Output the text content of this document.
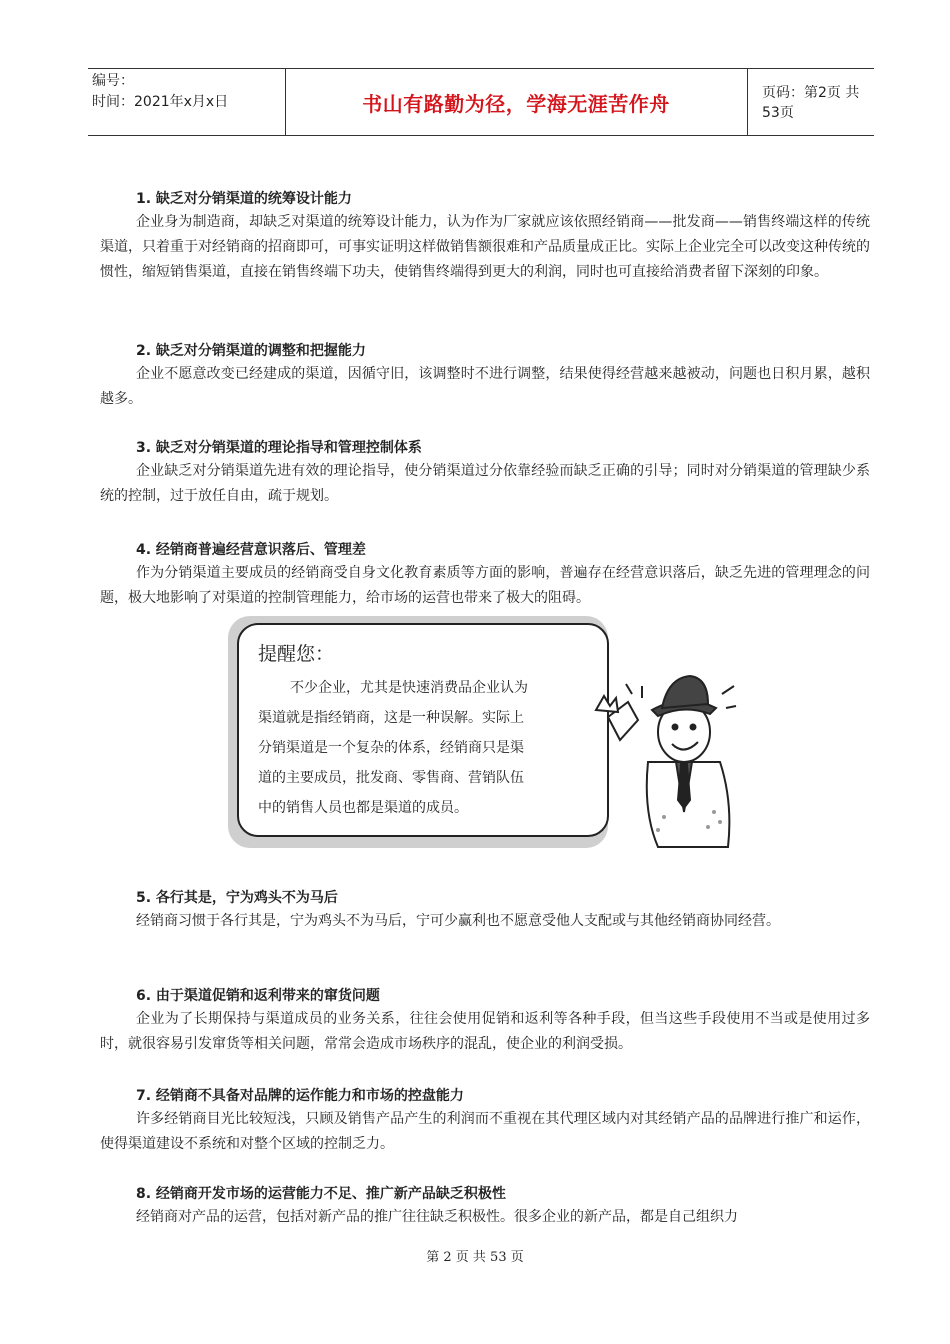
编号：
时间：2021年x月x日	书山有路勤为径，学海无涯苦作舟	页码：第2页 共53页
1. 缺乏对分销渠道的统筹设计能力

企业身为制造商，却缺乏对渠道的统筹设计能力，认为作为厂家就应该依照经销商——批发商——销售终端这样的传统渠道，只着重于对经销商的招商即可，可事实证明这样做销售额很难和产品质量成正比。实际上企业完全可以改变这种传统的惯性，缩短销售渠道，直接在销售终端下功夫，使销售终端得到更大的利润，同时也可直接给消费者留下深刻的印象。

2. 缺乏对分销渠道的调整和把握能力

企业不愿意改变已经建成的渠道，因循守旧，该调整时不进行调整，结果使得经营越来越被动，问题也日积月累，越积越多。

3. 缺乏对分销渠道的理论指导和管理控制体系

企业缺乏对分销渠道先进有效的理论指导，使分销渠道过分依靠经验而缺乏正确的引导；同时对分销渠道的管理缺少系统的控制，过于放任自由，疏于规划。

4. 经销商普遍经营意识落后、管理差

作为分销渠道主要成员的经销商受自身文化教育素质等方面的影响，普遍存在经营意识落后，缺乏先进的管理理念的问题，极大地影响了对渠道的控制管理能力，给市场的运营也带来了极大的阻碍。

提醒您：
不少企业，尤其是快速消费品企业认为
渠道就是指经销商，这是一种误解。实际上
分销渠道是一个复杂的体系，经销商只是渠
道的主要成员，批发商、零售商、营销队伍
中的销售人员也都是渠道的成员。
5. 各行其是，宁为鸡头不为马后

经销商习惯于各行其是，宁为鸡头不为马后，宁可少赢利也不愿意受他人支配或与其他经销商协同经营。

6. 由于渠道促销和返利带来的窜货问题

企业为了长期保持与渠道成员的业务关系，往往会使用促销和返利等各种手段，但当这些手段使用不当或是使用过多时，就很容易引发窜货等相关问题，常常会造成市场秩序的混乱，使企业的利润受损。

7. 经销商不具备对品牌的运作能力和市场的控盘能力

许多经销商目光比较短浅，只顾及销售产品产生的利润而不重视在其代理区域内对其经销产品的品牌进行推广和运作，使得渠道建设不系统和对整个区域的控制乏力。

8. 经销商开发市场的运营能力不足、推广新产品缺乏积极性

经销商对产品的运营，包括对新产品的推广往往缺乏积极性。很多企业的新产品，都是自己组织力

第 2 页 共 53 页
